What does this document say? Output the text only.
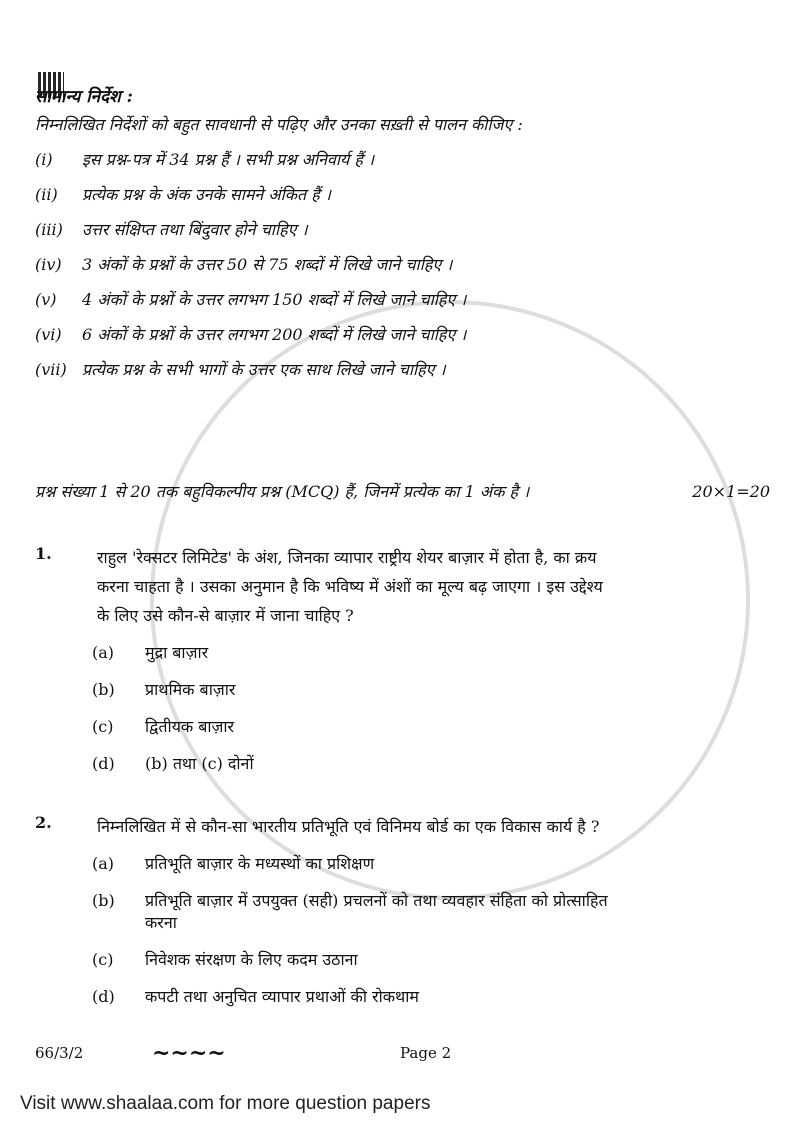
सामान्य निर्देश :
निम्नलिखित निर्देशों को बहुत सावधानी से पढ़िए और उनका सख़्ती से पालन कीजिए :
(i)	इस प्रश्न-पत्र में 34 प्रश्न हैं । सभी प्रश्न अनिवार्य हैं ।
(ii)	प्रत्येक प्रश्न के अंक उनके सामने अंकित हैं ।
(iii)	उत्तर संक्षिप्त तथा बिंदुवार होने चाहिए ।
(iv)	3 अंकों के प्रश्नों के उत्तर 50 से 75 शब्दों में लिखे जाने चाहिए ।
(v)	4 अंकों के प्रश्नों के उत्तर लगभग 150 शब्दों में लिखे जाने चाहिए ।
(vi)	6 अंकों के प्रश्नों के उत्तर लगभग 200 शब्दों में लिखे जाने चाहिए ।
(vii) प्रत्येक प्रश्न के सभी भागों के उत्तर एक साथ लिखे जाने चाहिए ।
प्रश्न संख्या 1 से 20 तक बहुविकल्पीय प्रश्न (MCQ) हैं, जिनमें प्रत्येक का 1 अंक है ।	20×1=20
1.	राहुल 'रेक्सटर लिमिटेड' के अंश, जिनका व्यापार राष्ट्रीय शेयर बाज़ार में होता है, का क्रय
करना चाहता है । उसका अनुमान है कि भविष्य में अंशों का मूल्य बढ़ जाएगा । इस उद्देश्य
के लिए उसे कौन-से बाज़ार में जाना चाहिए ?
(a)	मुद्रा बाज़ार
(b)	प्राथमिक बाज़ार
(c)	द्वितीयक बाज़ार
(d)	(b) तथा (c) दोनों
2.	निम्नलिखित में से कौन-सा भारतीय प्रतिभूति एवं विनिमय बोर्ड का एक विकास कार्य है ?
(a)	प्रतिभूति बाज़ार के मध्यस्थों का प्रशिक्षण
(b)	प्रतिभूति बाज़ार में उपयुक्त (सही) प्रचलनों को तथा व्यवहार संहिता को प्रोत्साहित
करना
(c)	निवेशक संरक्षण के लिए कदम उठाना
(d)	कपटी तथा अनुचित व्यापार प्रथाओं की रोकथाम
66/3/2	~~~~	Page 2
Visit www.shaalaa.com for more question papers
